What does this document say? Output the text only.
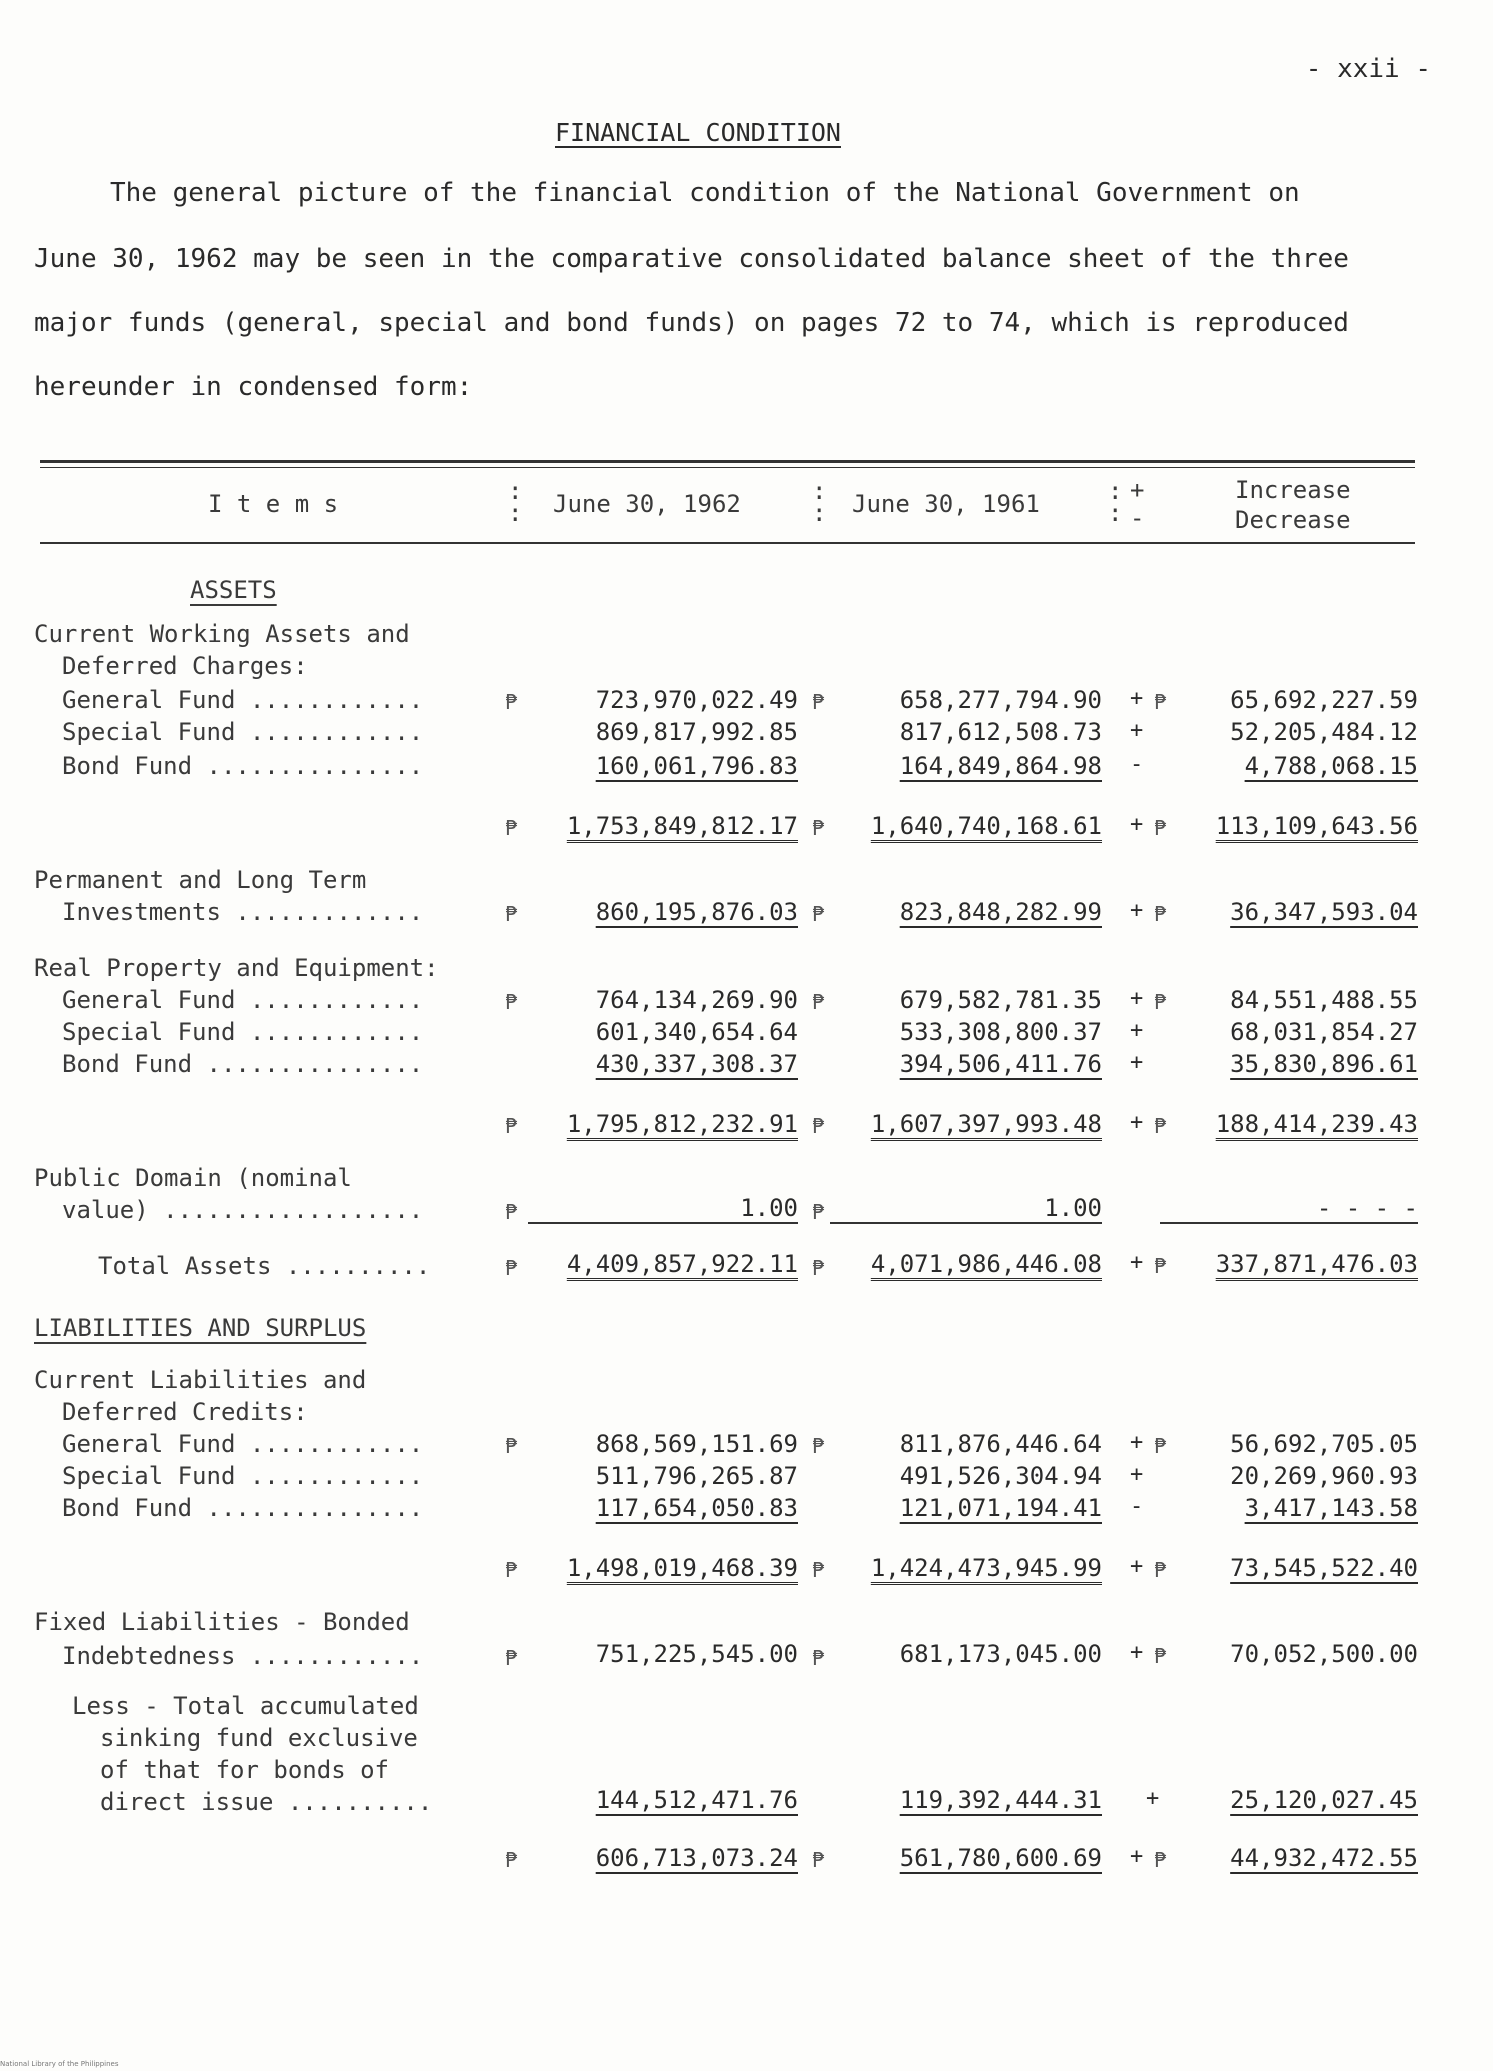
- xxii -
FINANCIAL CONDITION
The general picture of the financial condition of the National Government on
June 30, 1962 may be seen in the comparative consolidated balance sheet of the three
major funds (general, special and bond funds) on pages 72 to 74, which is reproduced
hereunder in condensed form:
I t e m s	:
: June 30, 1962	:
: June 30, 1961	:
:
+
-
Increase
Decrease
ASSETS
Current Working Assets and
Deferred Charges:
General Fund ............	₱	723,970,022.49 ₱	658,277,794.90 + ₱	65,692,227.59
Special Fund ............	869,817,992.85	817,612,508.73 +	52,205,484.12
Bond Fund ...............	160,061,796.83	164,849,864.98 -	4,788,068.15
₱	1,753,849,812.17 ₱	1,640,740,168.61 + ₱	113,109,643.56
Permanent and Long Term
Investments .............	₱	860,195,876.03 ₱	823,848,282.99 + ₱	36,347,593.04
Real Property and Equipment:
General Fund ............	₱	764,134,269.90 ₱	679,582,781.35 + ₱	84,551,488.55
Special Fund ............	601,340,654.64	533,308,800.37 +	68,031,854.27
Bond Fund ...............	430,337,308.37	394,506,411.76 +	35,830,896.61
₱	1,795,812,232.91 ₱	1,607,397,993.48 + ₱	188,414,239.43
Public Domain (nominal
value) ..................	₱	1.00 ₱	1.00	- - - -
Total Assets ..........	₱	4,409,857,922.11 ₱	4,071,986,446.08 + ₱	337,871,476.03
LIABILITIES AND SURPLUS
Current Liabilities and
Deferred Credits:
General Fund ............	₱	868,569,151.69 ₱	811,876,446.64 + ₱	56,692,705.05
Special Fund ............	511,796,265.87	491,526,304.94 +	20,269,960.93
Bond Fund ...............	117,654,050.83	121,071,194.41 -	3,417,143.58
₱	1,498,019,468.39 ₱	1,424,473,945.99 + ₱	73,545,522.40
Fixed Liabilities - Bonded
Indebtedness ............	₱	751,225,545.00 ₱	681,173,045.00 + ₱	70,052,500.00
Less - Total accumulated
sinking fund exclusive
of that for bonds of
direct issue ..........	144,512,471.76	119,392,444.31 +	25,120,027.45
₱	606,713,073.24 ₱	561,780,600.69 + ₱	44,932,472.55
National Library of the Philippines
